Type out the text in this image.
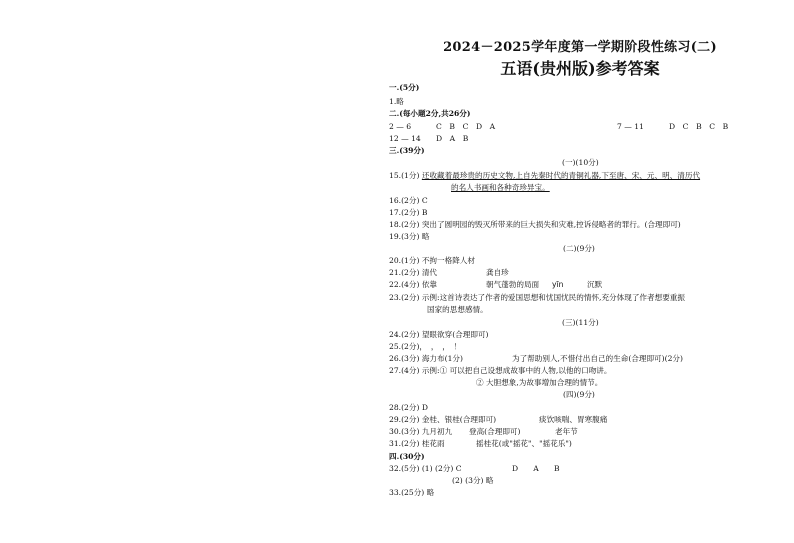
2024－2025学年度第一学期阶段性练习(二)
五语(贵州版)参考答案
一.(5分)
1.略
二.(每小题2分,共26分)
2 — 6	C　B　C　D　A	7 — 11	D　C　B　C　B
12 — 14 D　A　B
三.(39分)
(一)(10分)
15.(1分) 还收藏着最珍贵的历史文物,上自先秦时代的青铜礼器,下至唐、宋、元、明、清历代
的名人书画和各种奇珍异宝。
16.(2分) C
17.(2分) B
18.(2分) 突出了圆明园的毁灭所带来的巨大损失和灾难,控诉侵略者的罪行。(合理即可)
19.(3分) 略
(二)(9分)
20.(1分) 不拘一格降人材
21.(2分) 清代	龚自珍
22.(4分) 依靠	朝气蓬勃的局面 yīn	沉默
23.(2分) 示例:这首诗表达了作者的爱国思想和忧国忧民的情怀,充分体现了作者想要重振
国家的思想感情。
(三)(11分)
24.(2分) 望眼欲穿(合理即可)
25.(2分)，　，　，　！
26.(3分) 海力布(1分)	为了帮助别人,不惜付出自己的生命(合理即可)(2分)
27.(4分) 示例:① 可以把自己设想成故事中的人物,以他的口吻讲。
② 大胆想象,为故事增加合理的情节。
(四)(9分)
28.(2分) D
29.(2分) 金桂、银桂(合理即可)	痰饮咳喘、胃寒腹痛
30.(3分) 九月初九 登高(合理即可)	老年节
31.(2分) 桂花雨	摇桂花(或"摇花"、"摇花乐")
四.(30分)
32.(5分) (1) (2分) C	D　　A　　B
(2) (3分) 略
33.(25分) 略
